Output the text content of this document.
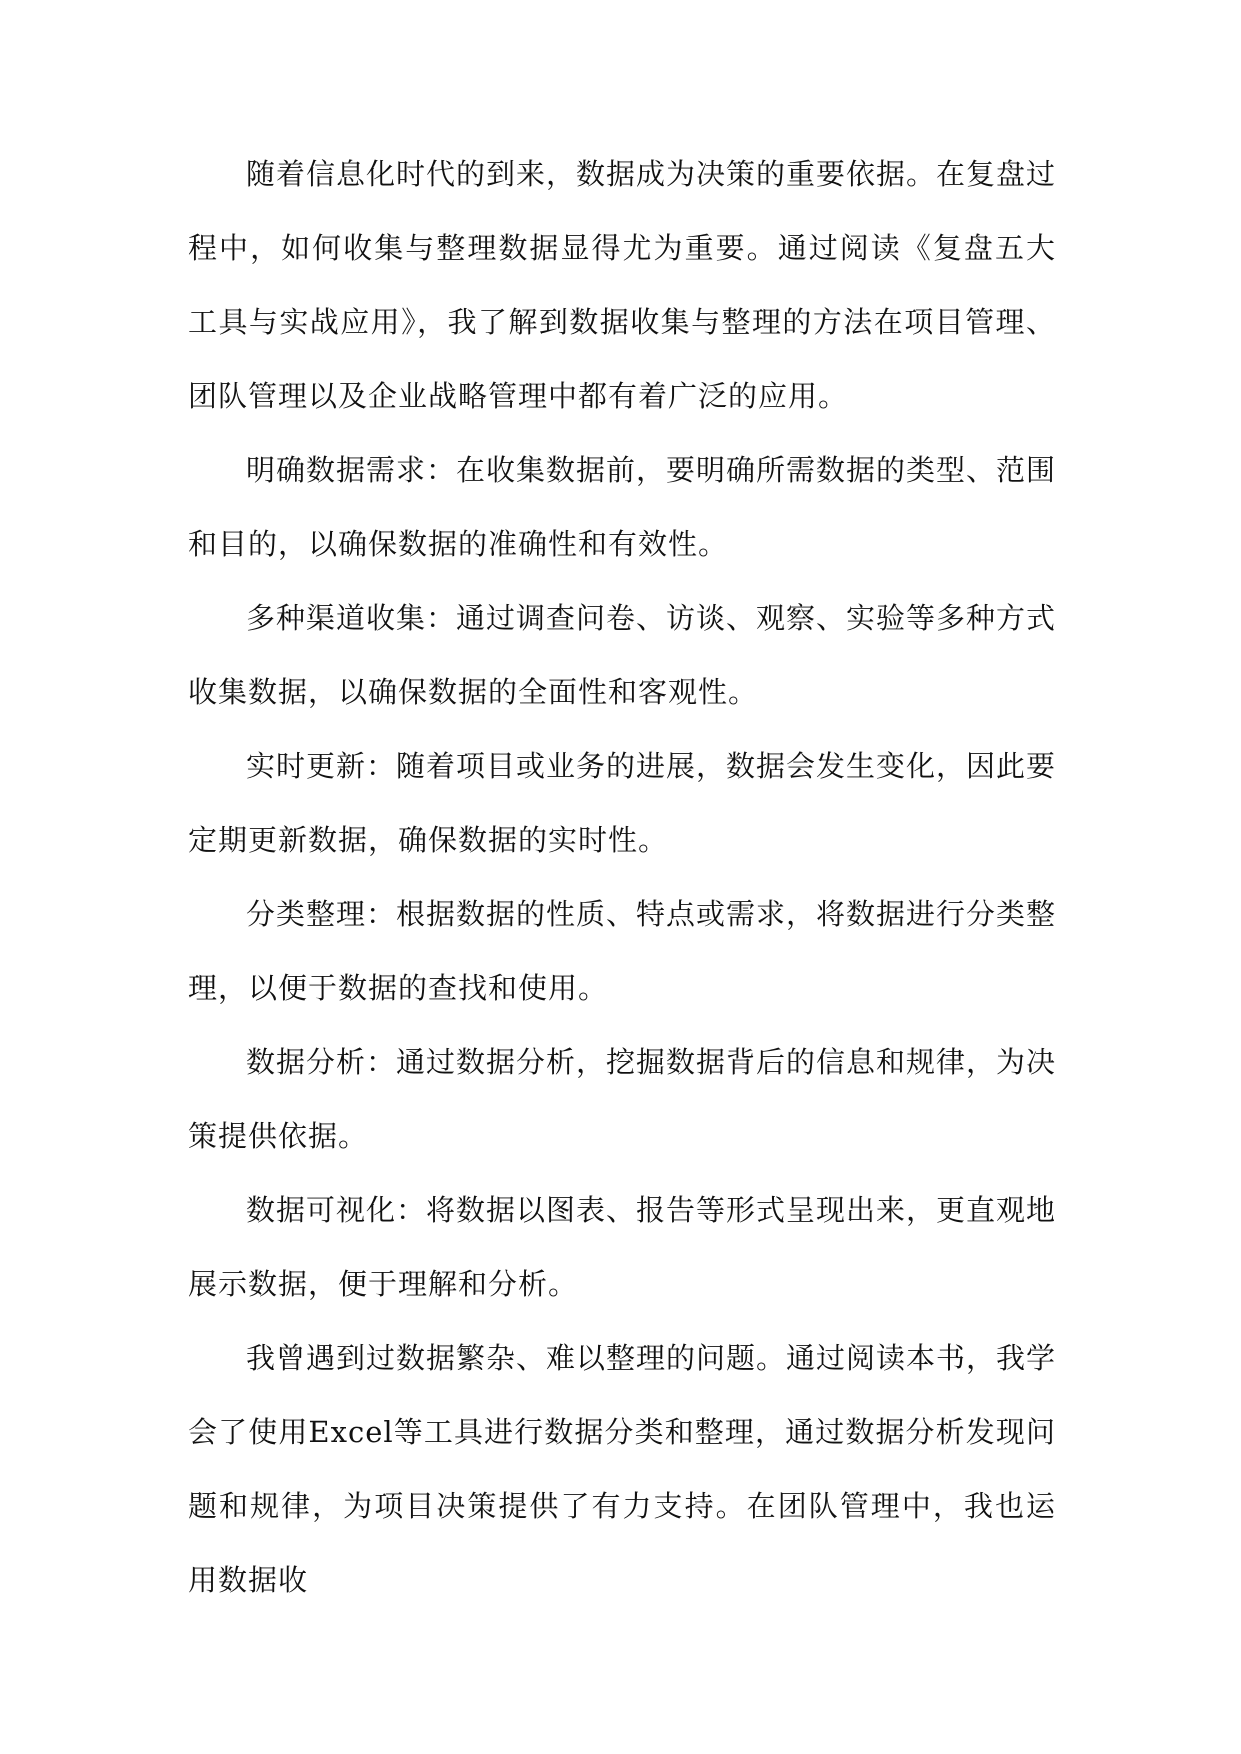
随着信息化时代的到来，数据成为决策的重要依据。在复盘过程中，如何收集与整理数据显得尤为重要。通过阅读《复盘五大工具与实战应用》，我了解到数据收集与整理的方法在项目管理、团队管理以及企业战略管理中都有着广泛的应用。

明确数据需求：在收集数据前，要明确所需数据的类型、范围和目的，以确保数据的准确性和有效性。

多种渠道收集：通过调查问卷、访谈、观察、实验等多种方式收集数据，以确保数据的全面性和客观性。

实时更新：随着项目或业务的进展，数据会发生变化，因此要定期更新数据，确保数据的实时性。

分类整理：根据数据的性质、特点或需求，将数据进行分类整理，以便于数据的查找和使用。

数据分析：通过数据分析，挖掘数据背后的信息和规律，为决策提供依据。

数据可视化：将数据以图表、报告等形式呈现出来，更直观地展示数据，便于理解和分析。

我曾遇到过数据繁杂、难以整理的问题。通过阅读本书，我学会了使用Excel等工具进行数据分类和整理，通过数据分析发现问题和规律，为项目决策提供了有力支持。在团队管理中，我也运用数据收
